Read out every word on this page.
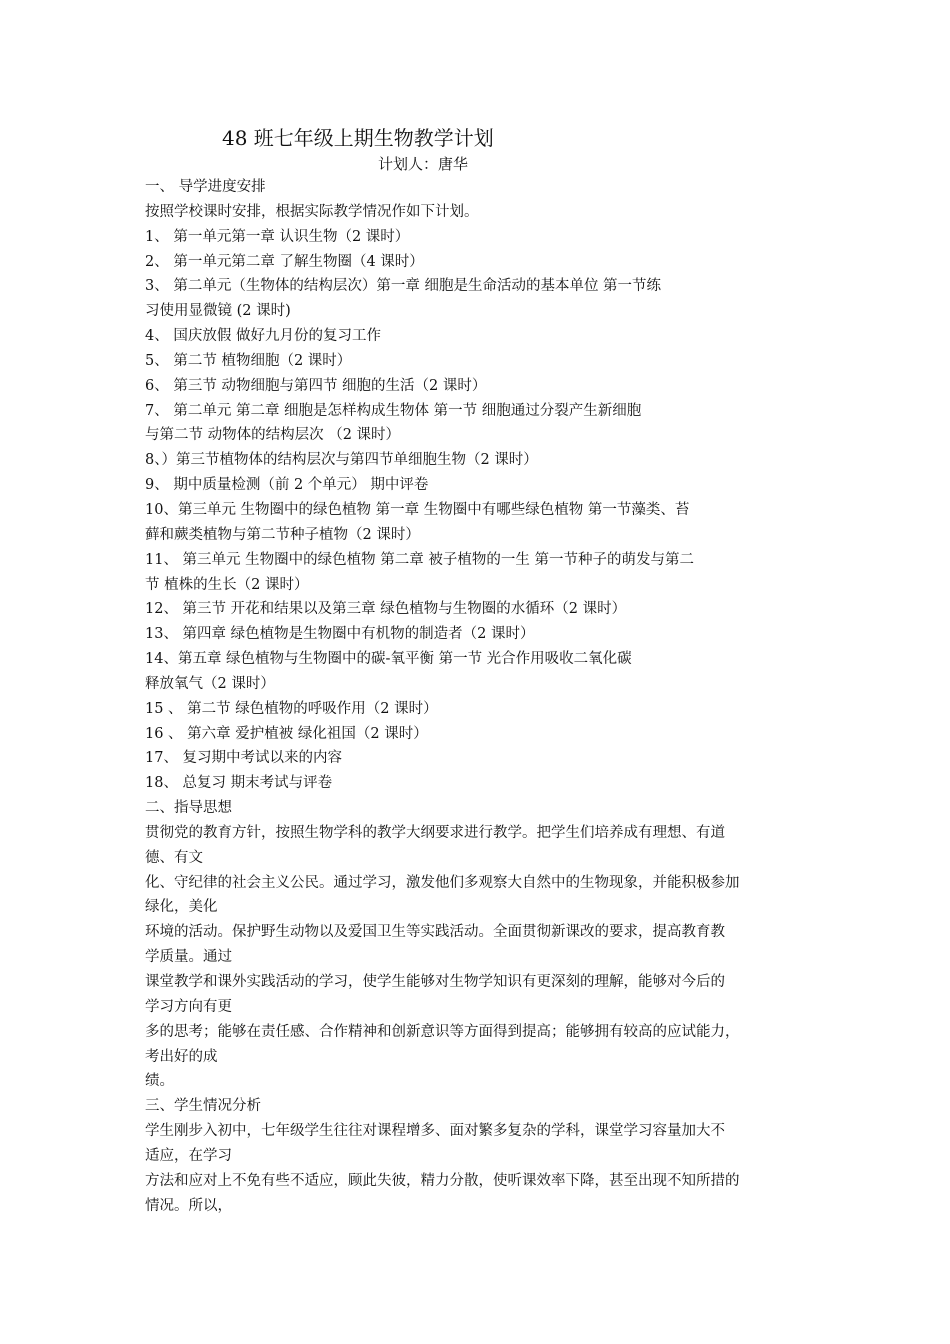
48 班七年级上期生物教学计划
计划人：唐华
一、 导学进度安排
按照学校课时安排，根据实际教学情况作如下计划。
1、 第一单元第一章 认识生物（2 课时）
2、 第一单元第二章 了解生物圈（4 课时）
3、 第二单元（生物体的结构层次）第一章 细胞是生命活动的基本单位 第一节练
习使用显微镜 (2 课时)
4、 国庆放假 做好九月份的复习工作
5、 第二节 植物细胞（2 课时）
6、 第三节 动物细胞与第四节 细胞的生活（2 课时）
7、 第二单元 第二章 细胞是怎样构成生物体 第一节 细胞通过分裂产生新细胞
与第二节 动物体的结构层次 （2 课时）
8、）第三节植物体的结构层次与第四节单细胞生物（2 课时）
9、 期中质量检测（前 2 个单元） 期中评卷
10、第三单元 生物圈中的绿色植物 第一章 生物圈中有哪些绿色植物 第一节藻类、苔
藓和蕨类植物与第二节种子植物（2 课时）
11、 第三单元 生物圈中的绿色植物 第二章 被子植物的一生 第一节种子的萌发与第二
节 植株的生长（2 课时）
12、 第三节 开花和结果以及第三章 绿色植物与生物圈的水循环（2 课时）
13、 第四章 绿色植物是生物圈中有机物的制造者（2 课时）
14、第五章 绿色植物与生物圈中的碳-氧平衡 第一节 光合作用吸收二氧化碳
释放氧气（2 课时）
15 、 第二节 绿色植物的呼吸作用（2 课时）
16 、 第六章 爱护植被 绿化祖国（2 课时）
17、 复习期中考试以来的内容
18、 总复习 期末考试与评卷
二、指导思想
贯彻党的教育方针，按照生物学科的教学大纲要求进行教学。把学生们培养成有理想、有道
德、有文
化、守纪律的社会主义公民。通过学习，激发他们多观察大自然中的生物现象，并能积极参加
绿化，美化
环境的活动。保护野生动物以及爱国卫生等实践活动。全面贯彻新课改的要求，提高教育教
学质量。通过
课堂教学和课外实践活动的学习，使学生能够对生物学知识有更深刻的理解，能够对今后的
学习方向有更
多的思考；能够在责任感、合作精神和创新意识等方面得到提高；能够拥有较高的应试能力，
考出好的成
绩。
三、学生情况分析
学生刚步入初中，七年级学生往往对课程增多、面对繁多复杂的学科，课堂学习容量加大不
适应，在学习
方法和应对上不免有些不适应，顾此失彼，精力分散，使听课效率下降，甚至出现不知所措的
情况。所以，
